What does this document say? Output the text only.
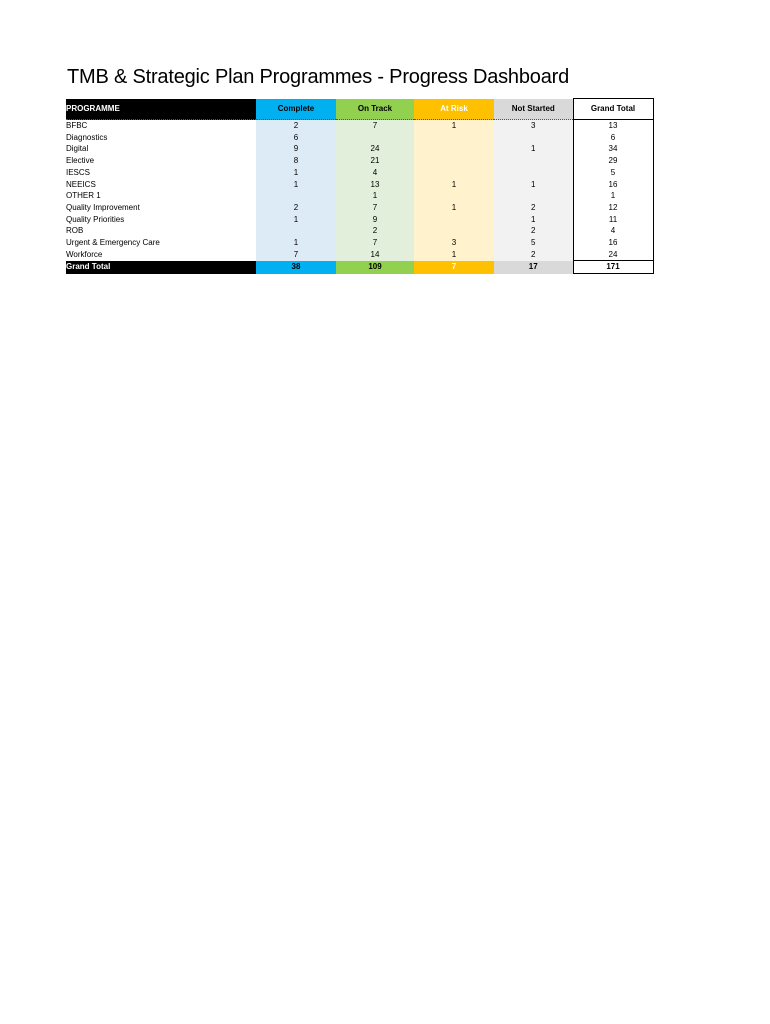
TMB & Strategic Plan Programmes - Progress Dashboard
PROGRAMME	Complete	On Track	At Risk	Not Started	Grand Total
BFBC	2	7	1	3	13
Diagnostics	6				6
Digital	9	24		1	34
Elective	8	21			29
IESCS	1	4			5
NEEICS	1	13	1	1	16
OTHER 1		1			1
Quality Improvement	2	7	1	2	12
Quality Priorities	1	9		1	11
ROB		2		2	4
Urgent & Emergency Care	1	7	3	5	16
Workforce	7	14	1	2	24
Grand Total	38	109	7	17	171
